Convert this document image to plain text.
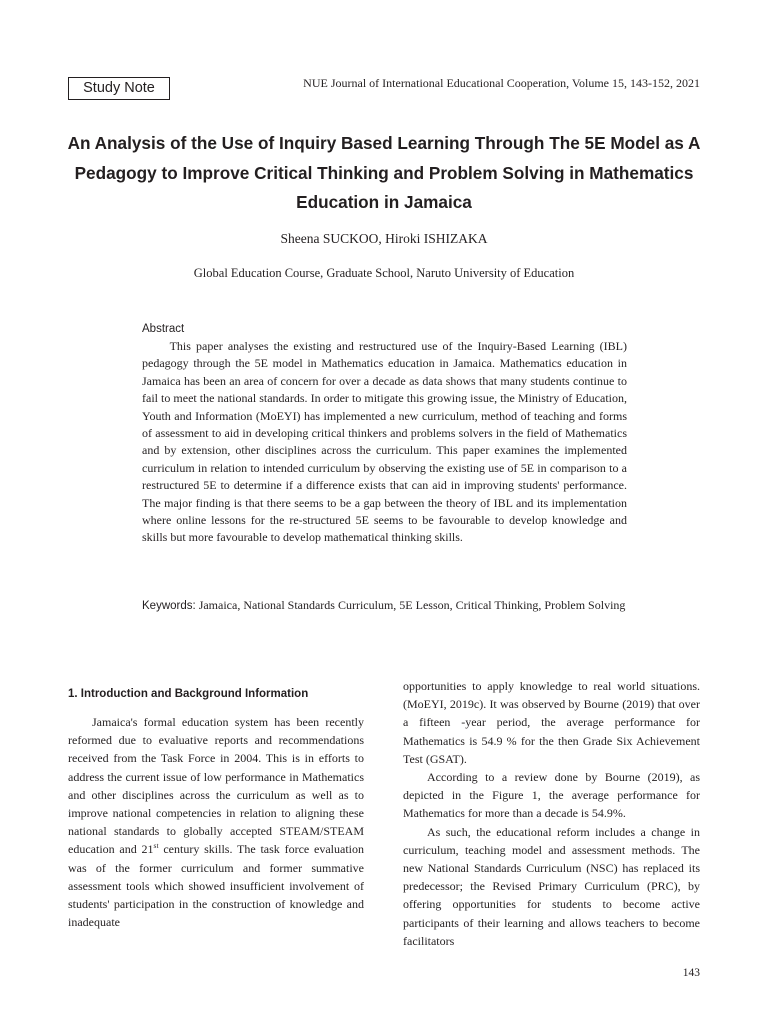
Study Note	NUE Journal of International Educational Cooperation, Volume 15, 143-152, 2021
An Analysis of the Use of Inquiry Based Learning Through The 5E Model as A Pedagogy to Improve Critical Thinking and Problem Solving in Mathematics Education in Jamaica
Sheena SUCKOO, Hiroki ISHIZAKA
Global Education Course, Graduate School, Naruto University of Education
Abstract

This paper analyses the existing and restructured use of the Inquiry-Based Learning (IBL) pedagogy through the 5E model in Mathematics education in Jamaica. Mathematics education in Jamaica has been an area of concern for over a decade as data shows that many students continue to fail to meet the national standards. In order to mitigate this growing issue, the Ministry of Education, Youth and Information (MoEYI) has implemented a new curriculum, method of teaching and forms of assessment to aid in developing critical thinkers and problems solvers in the field of Mathematics and by extension, other disciplines across the curriculum. This paper examines the implemented curriculum in relation to intended curriculum by observing the existing use of 5E in comparison to a restructured 5E to determine if a difference exists that can aid in improving students' performance. The major finding is that there seems to be a gap between the theory of IBL and its implementation where online lessons for the re-structured 5E seems to be favourable to develop knowledge and skills but more favourable to develop mathematical thinking skills.

Keywords: Jamaica, National Standards Curriculum, 5E Lesson, Critical Thinking, Problem Solving

1. Introduction and Background Information

Jamaica's formal education system has been recently reformed due to evaluative reports and recommendations received from the Task Force in 2004. This is in efforts to address the current issue of low performance in Mathematics and other disciplines across the curriculum as well as to improve national competencies in relation to aligning these national standards to globally accepted STEAM/STEAM education and 21st century skills. The task force evaluation was of the former curriculum and former summative assessment tools which showed insufficient involvement of students' participation in the construction of knowledge and inadequate

opportunities to apply knowledge to real world situations. (MoEYI, 2019c). It was observed by Bourne (2019) that over a fifteen -year period, the average performance for Mathematics is 54.9 % for the then Grade Six Achievement Test (GSAT).

According to a review done by Bourne (2019), as depicted in the Figure 1, the average performance for Mathematics for more than a decade is 54.9%.

As such, the educational reform includes a change in curriculum, teaching model and assessment methods. The new National Standards Curriculum (NSC) has replaced its predecessor; the Revised Primary Curriculum (PRC), by offering opportunities for students to become active participants of their learning and allows teachers to become facilitators

143
